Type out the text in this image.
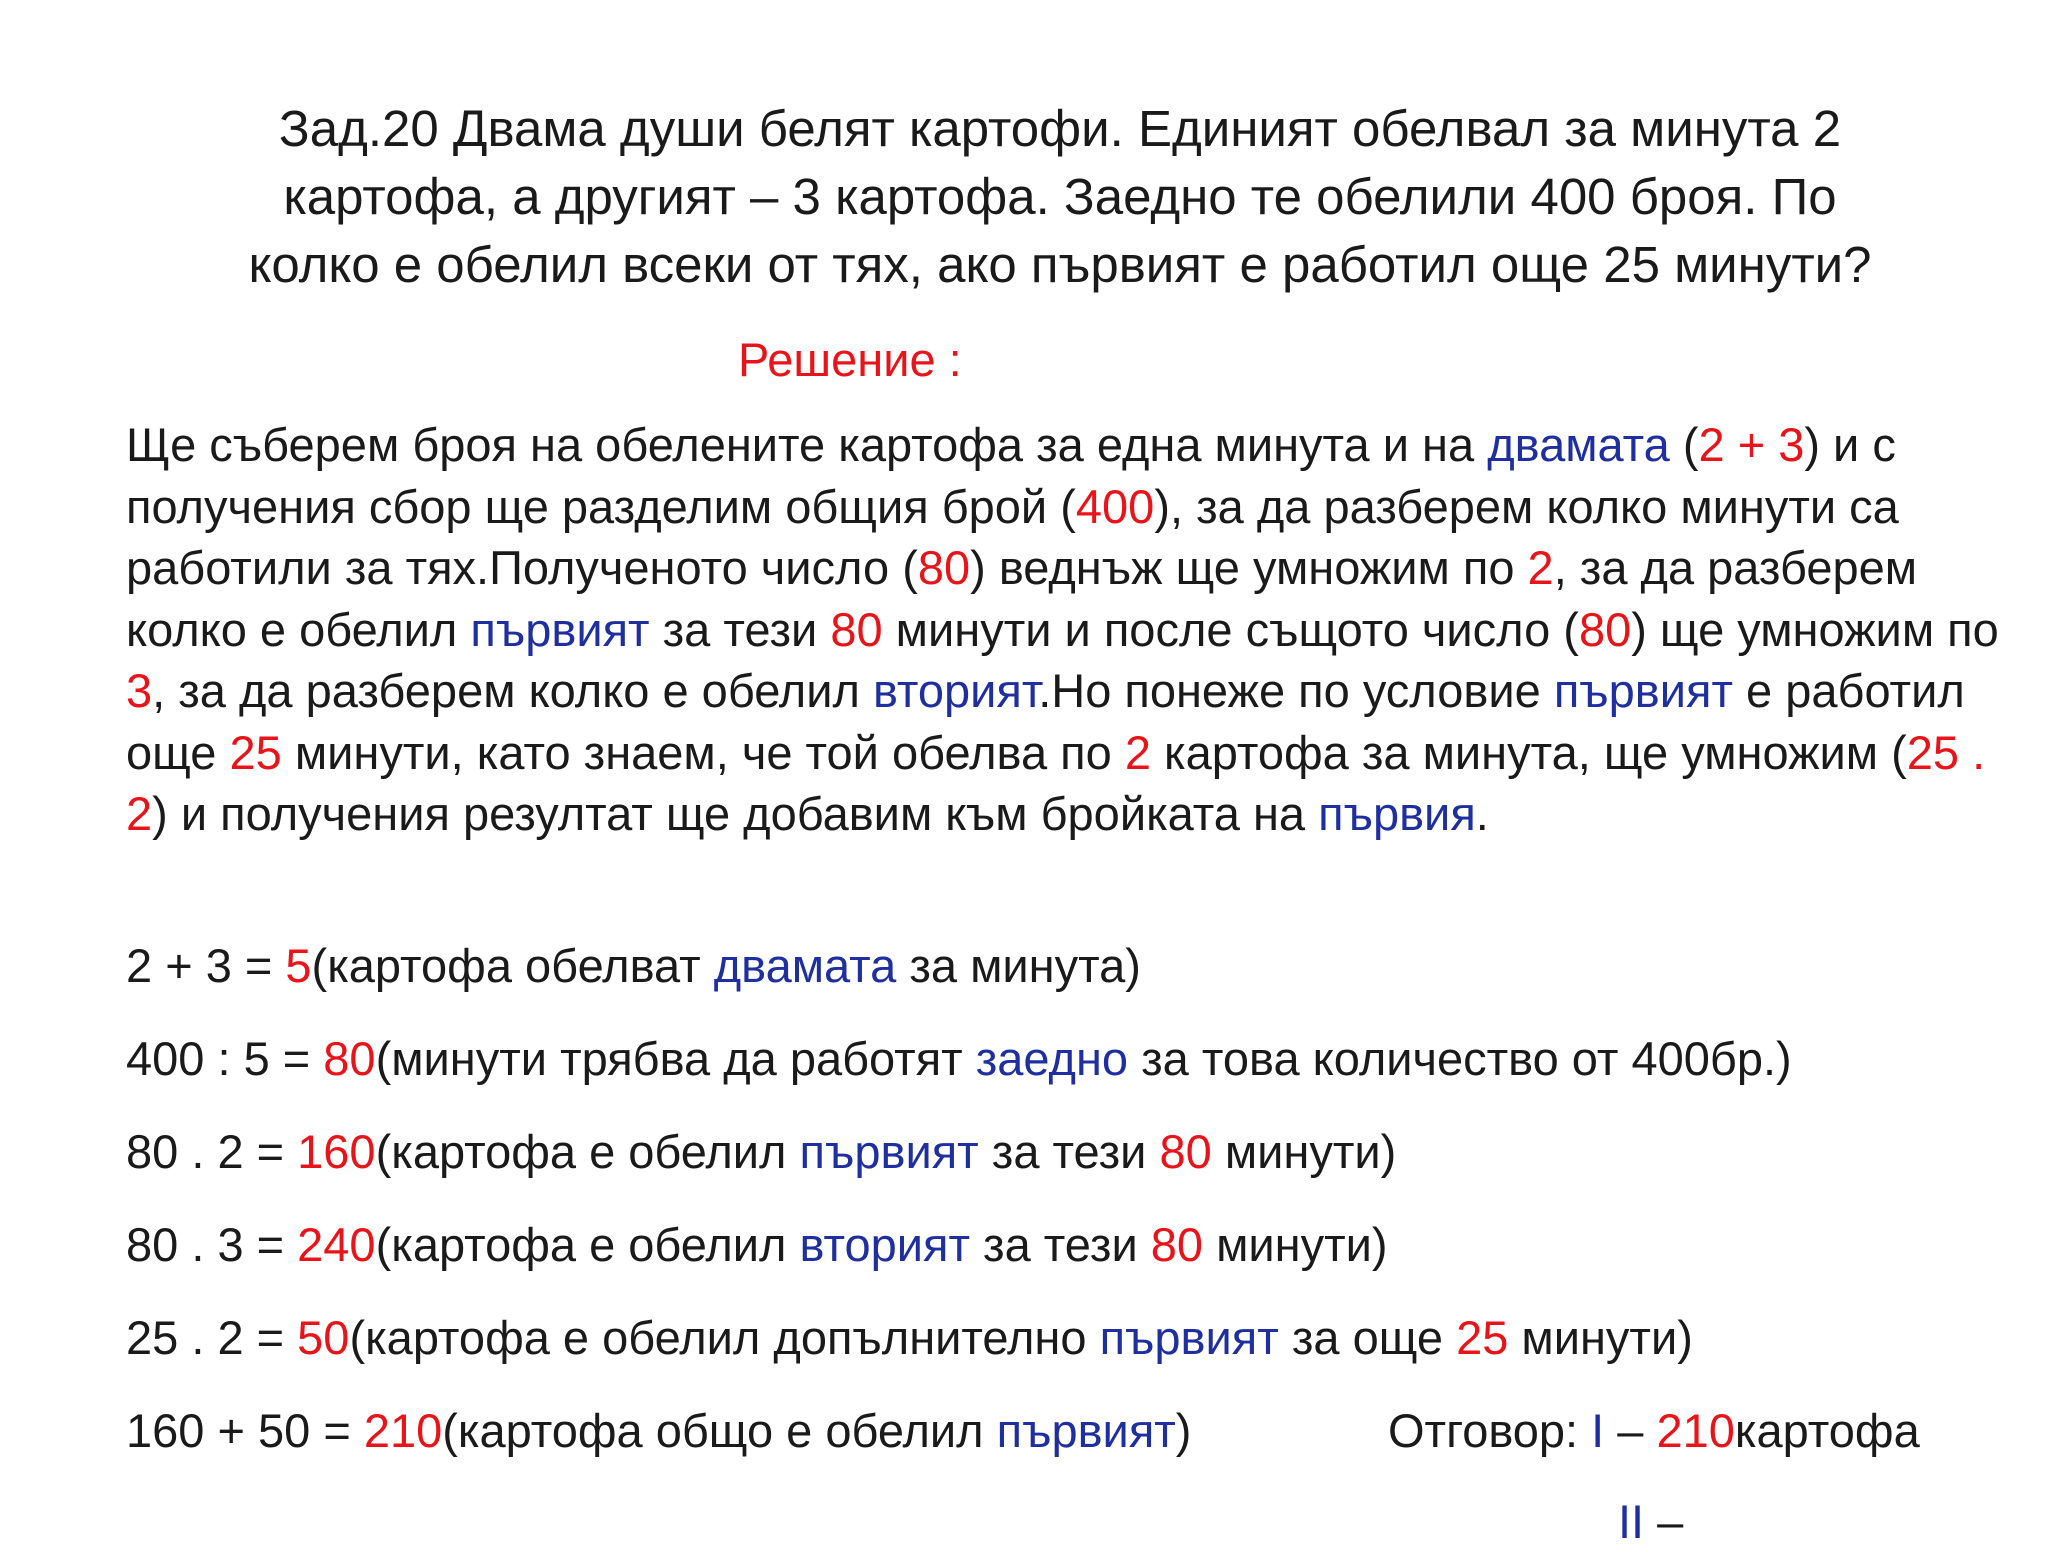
Зад.20 Двама души белят картофи. Единият обелвал за минута 2
картофа, а другият – 3 картофа. Заедно те обелили 400 броя. По
колко е обелил всеки от тях, ако първият е работил още 25 минути?
Решение :
Ще съберем броя на обелените картофа за една минута и на двамата (2 + 3) и с получения сбор ще разделим общия брой (400), за да разберем колко минути са работили за тях.Полученото число (80) веднъж ще умножим по 2, за да разберем колко е обелил първият за тези 80 минути и после същото число (80) ще умножим по 3, за да разберем колко е обелил вторият.Но понеже по условие първият е работил още 25 минути, като знаем, че той обелва по 2 картофа за минута, ще умножим (25 . 2) и получения резултат ще добавим към бройката на първия.
2 + 3 = 5(картофа обелват двамата за минута)
400 : 5 = 80(минути трябва да работят заедно за това количество от 400бр.)
80 . 2 = 160(картофа е обелил първият за тези 80 минути)
80 . 3 = 240(картофа е обелил вторият за тези 80 минути)
25 . 2 = 50(картофа е обелил допълнително първият за още 25 минути)
160 + 50 = 210(картофа общо е обелил първият)	Отговор: I – 210картофа
II –
